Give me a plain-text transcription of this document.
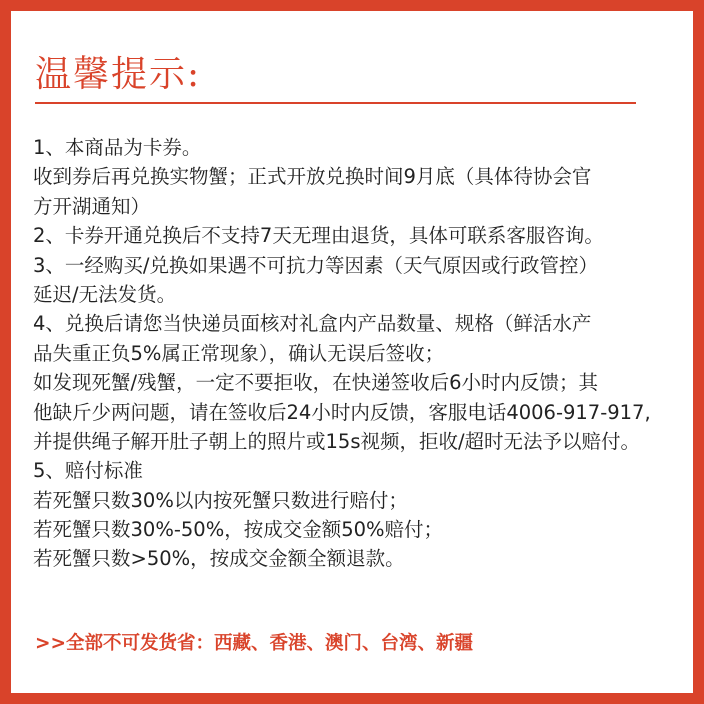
温馨提示:
1、本商品为卡券。
收到券后再兑换实物蟹；正式开放兑换时间9月底（具体待协会官
方开湖通知）
2、卡券开通兑换后不支持7天无理由退货，具体可联系客服咨询。
3、一经购买/兑换如果遇不可抗力等因素（天气原因或行政管控）
延迟/无法发货。
4、兑换后请您当快递员面核对礼盒内产品数量、规格（鲜活水产
品失重正负5%属正常现象），确认无误后签收；
如发现死蟹/残蟹，一定不要拒收，在快递签收后6小时内反馈；其
他缺斤少两问题，请在签收后24小时内反馈，客服电话4006-917-917,
并提供绳子解开肚子朝上的照片或15s视频，拒收/超时无法予以赔付。
5、赔付标准
若死蟹只数30%以内按死蟹只数进行赔付；
若死蟹只数30%-50%，按成交金额50%赔付；
若死蟹只数>50%，按成交金额全额退款。
>>全部不可发货省：西藏、香港、澳门、台湾、新疆
